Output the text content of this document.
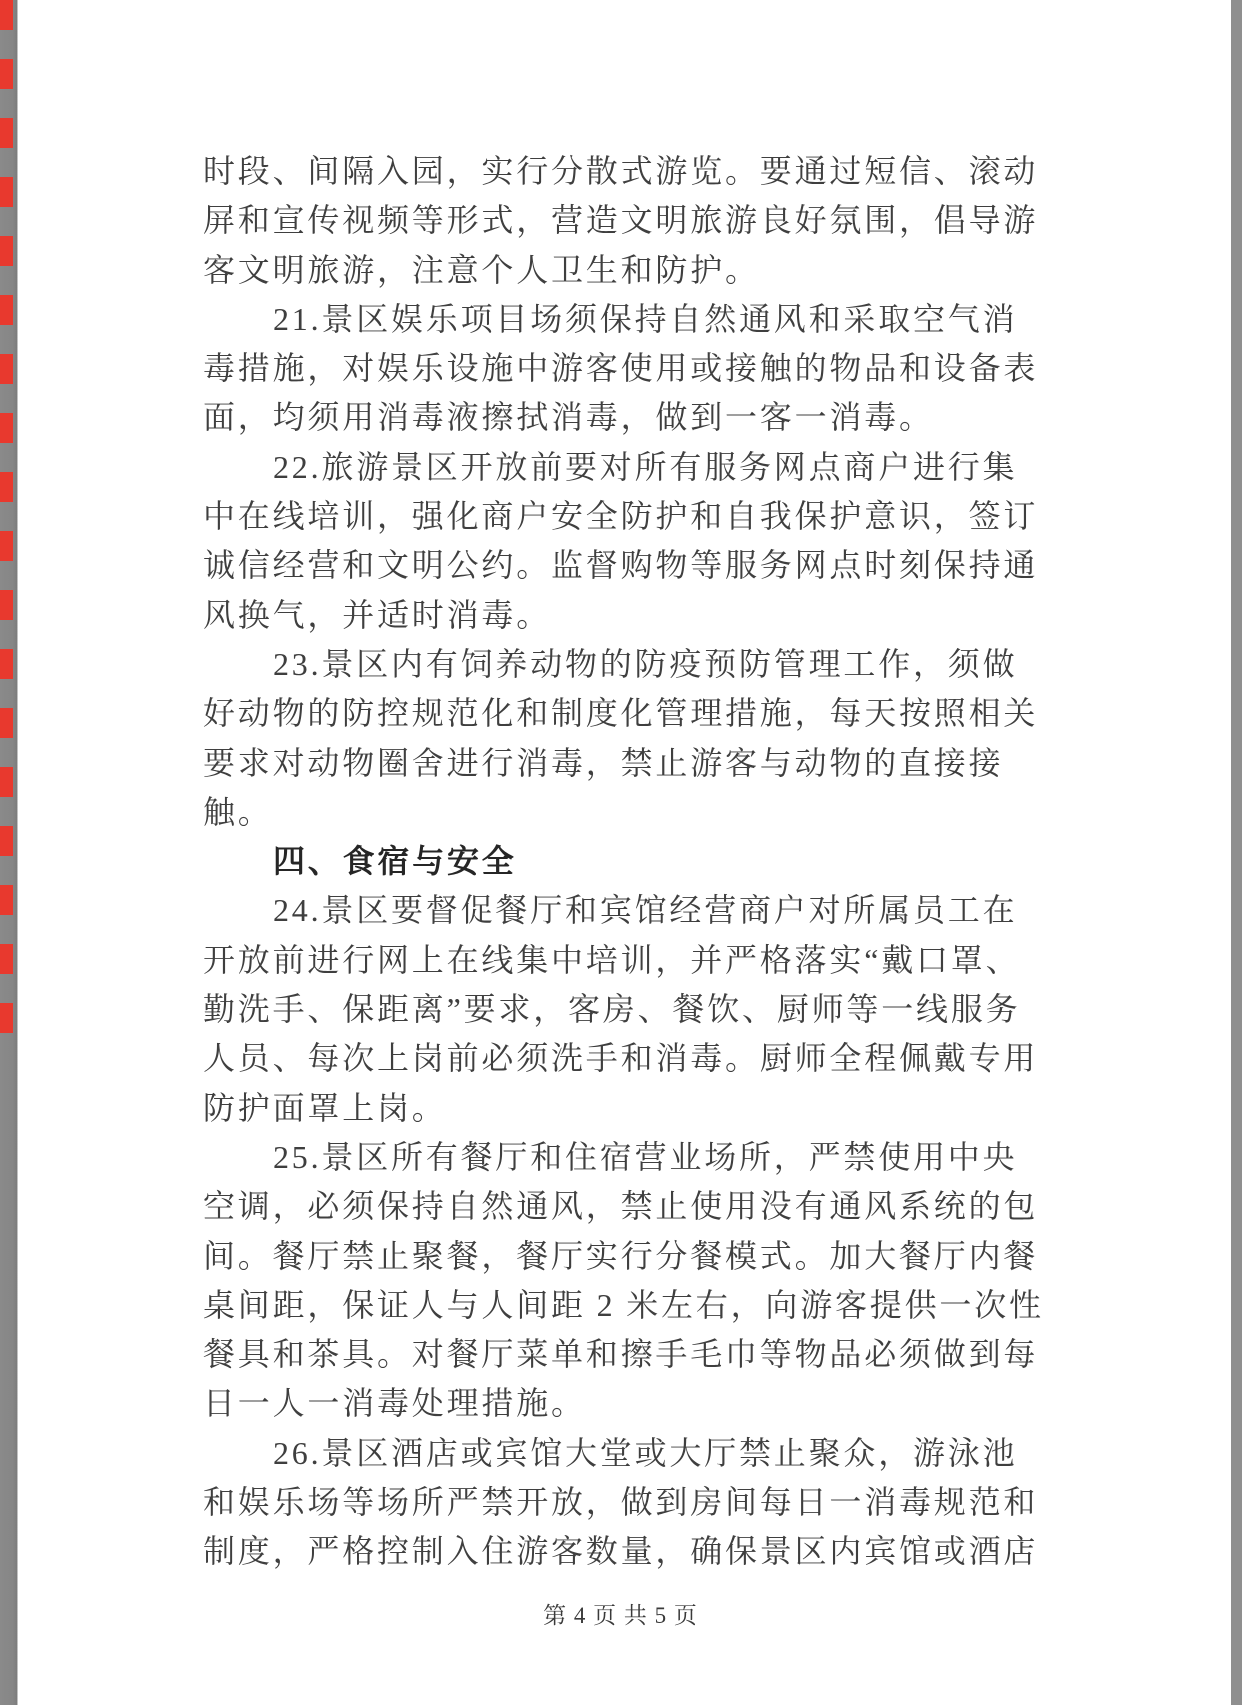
时段、间隔入园，实行分散式游览。要通过短信、滚动
屏和宣传视频等形式，营造文明旅游良好氛围，倡导游
客文明旅游，注意个人卫生和防护。
21.景区娱乐项目场须保持自然通风和采取空气消
毒措施，对娱乐设施中游客使用或接触的物品和设备表
面，均须用消毒液擦拭消毒，做到一客一消毒。
22.旅游景区开放前要对所有服务网点商户进行集
中在线培训，强化商户安全防护和自我保护意识，签订
诚信经营和文明公约。监督购物等服务网点时刻保持通
风换气，并适时消毒。
23.景区内有饲养动物的防疫预防管理工作，须做
好动物的防控规范化和制度化管理措施，每天按照相关
要求对动物圈舍进行消毒，禁止游客与动物的直接接
触。
四、食宿与安全
24.景区要督促餐厅和宾馆经营商户对所属员工在
开放前进行网上在线集中培训，并严格落实“戴口罩、
勤洗手、保距离”要求，客房、餐饮、厨师等一线服务
人员、每次上岗前必须洗手和消毒。厨师全程佩戴专用
防护面罩上岗。
25.景区所有餐厅和住宿营业场所，严禁使用中央
空调，必须保持自然通风，禁止使用没有通风系统的包
间。餐厅禁止聚餐，餐厅实行分餐模式。加大餐厅内餐
桌间距，保证人与人间距 2 米左右，向游客提供一次性
餐具和茶具。对餐厅菜单和擦手毛巾等物品必须做到每
日一人一消毒处理措施。
26.景区酒店或宾馆大堂或大厅禁止聚众，游泳池
和娱乐场等场所严禁开放，做到房间每日一消毒规范和
制度，严格控制入住游客数量，确保景区内宾馆或酒店
第 4 页 共 5 页
